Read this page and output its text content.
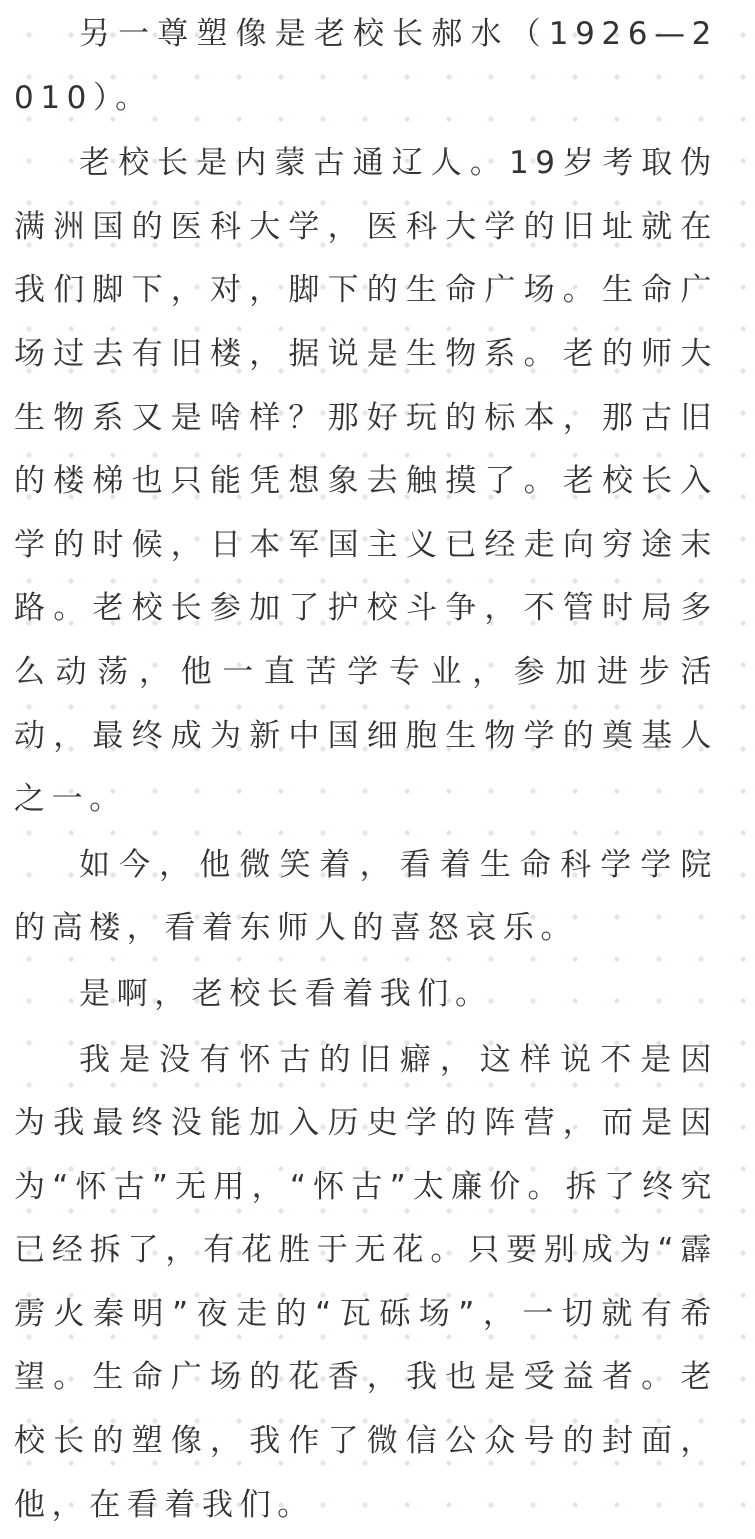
另一尊塑像是老校长郝水（1926—2010）。

老校长是内蒙古通辽人。19岁考取伪满洲国的医科大学，医科大学的旧址就在我们脚下，对，脚下的生命广场。生命广场过去有旧楼，据说是生物系。老的师大生物系又是啥样？那好玩的标本，那古旧的楼梯也只能凭想象去触摸了。老校长入学的时候，日本军国主义已经走向穷途末路。老校长参加了护校斗争，不管时局多么动荡，他一直苦学专业，参加进步活动，最终成为新中国细胞生物学的奠基人之一。

如今，他微笑着，看着生命科学学院的高楼，看着东师人的喜怒哀乐。

是啊，老校长看着我们。

我是没有怀古的旧癖，这样说不是因为我最终没能加入历史学的阵营，而是因为“怀古”无用，“怀古”太廉价。拆了终究已经拆了，有花胜于无花。只要别成为“霹雳火秦明”夜走的“瓦砾场”，一切就有希望。生命广场的花香，我也是受益者。老校长的塑像，我作了微信公众号的封面，他，在看着我们。
